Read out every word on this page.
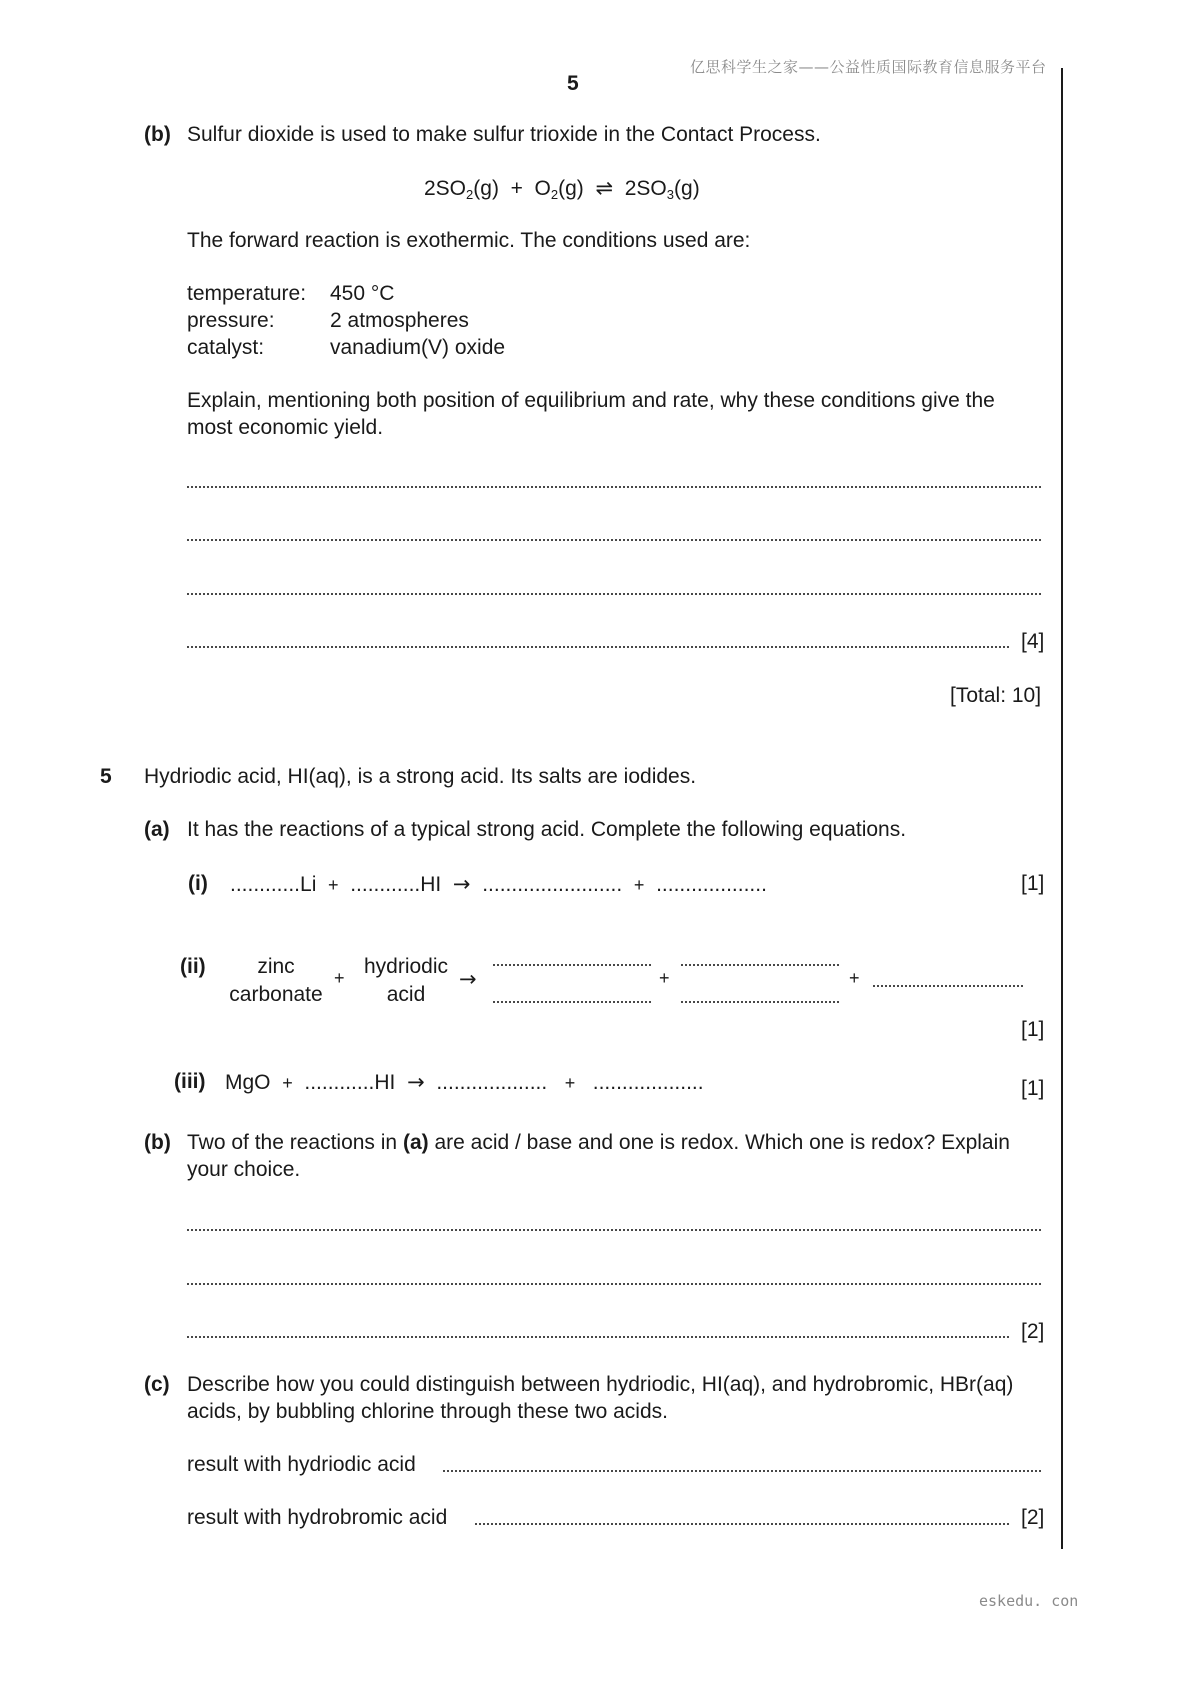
亿思科学生之家——公益性质国际教育信息服务平台
5
(b) Sulfur dioxide is used to make sulfur trioxide in the Contact Process.
$2SO_2(g) + O_2(g)$ ⇌ $2SO_3(g)$
The forward reaction is exothermic. The conditions used are:
temperature: 450 °C
pressure:	2 atmospheres
catalyst:	vanadium(V) oxide
Explain, mentioning both position of equilibrium and rate, why these conditions give the
most economic yield.
[4]
[Total: 10]
5 Hydriodic acid, HI(aq), is a strong acid. Its salts are iodides.
(a) It has the reactions of a typical strong acid. Complete the following equations.
(i) ............Li + ............HI → ........................ + ...................	[1]
(ii)	zinc
carbonate
+ hydriodic
acid
→	+	+
[1]
(iii) MgO + ............HI → ................... + ...................	[1]
(b) Two of the reactions in (a) are acid / base and one is redox. Which one is redox? Explain
your choice.
[2]
(c) Describe how you could distinguish between hydriodic, HI(aq), and hydrobromic, HBr(aq)
acids, by bubbling chlorine through these two acids.
result with hydriodic acid
result with hydrobromic acid	[2]
eskedu. con
